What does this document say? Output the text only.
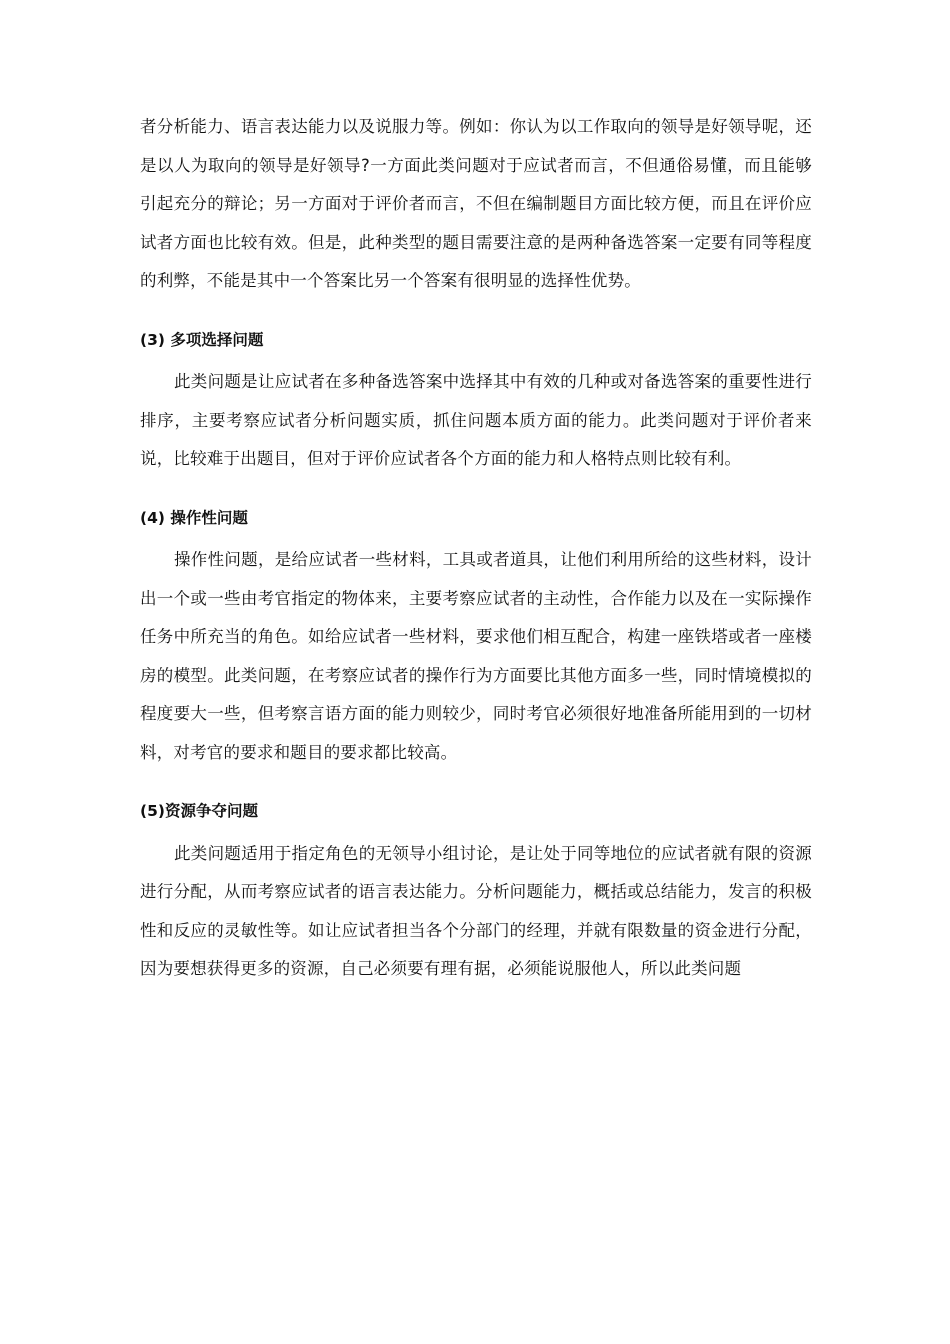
者分析能力、语言表达能力以及说服力等。例如：你认为以工作取向的领导是好领导呢，还是以人为取向的领导是好领导?一方面此类问题对于应试者而言，不但通俗易懂，而且能够引起充分的辩论；另一方面对于评价者而言，不但在编制题目方面比较方便，而且在评价应试者方面也比较有效。但是，此种类型的题目需要注意的是两种备选答案一定要有同等程度的利弊，不能是其中一个答案比另一个答案有很明显的选择性优势。

(3) 多项选择问题

此类问题是让应试者在多种备选答案中选择其中有效的几种或对备选答案的重要性进行排序，主要考察应试者分析问题实质，抓住问题本质方面的能力。此类问题对于评价者来说，比较难于出题目，但对于评价应试者各个方面的能力和人格特点则比较有利。

(4) 操作性问题

操作性问题，是给应试者一些材料，工具或者道具，让他们利用所给的这些材料，设计出一个或一些由考官指定的物体来，主要考察应试者的主动性，合作能力以及在一实际操作任务中所充当的角色。如给应试者一些材料，要求他们相互配合，构建一座铁塔或者一座楼房的模型。此类问题，在考察应试者的操作行为方面要比其他方面多一些，同时情境模拟的程度要大一些，但考察言语方面的能力则较少，同时考官必须很好地准备所能用到的一切材料，对考官的要求和题目的要求都比较高。

(5)资源争夺问题

此类问题适用于指定角色的无领导小组讨论，是让处于同等地位的应试者就有限的资源进行分配，从而考察应试者的语言表达能力。分析问题能力，概括或总结能力，发言的积极性和反应的灵敏性等。如让应试者担当各个分部门的经理，并就有限数量的资金进行分配，因为要想获得更多的资源，自己必须要有理有据，必须能说服他人，所以此类问题
